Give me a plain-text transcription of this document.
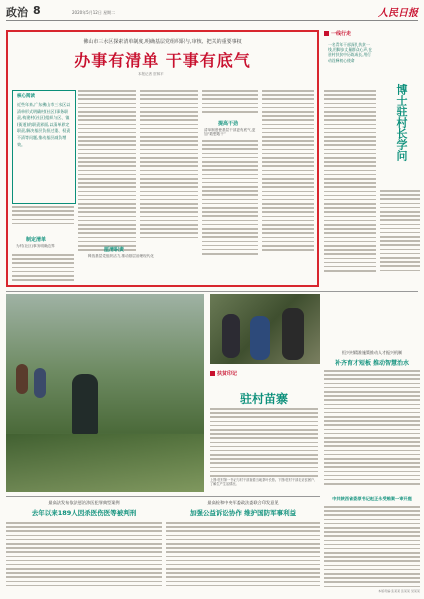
政治 8	2020年5月12日 星期二	人民日报
佛山市三水区探索清单制度,明确基层党组织职与,审核、把关的重要事权
办事有清单 干事有底气
本报记者 贺林平
核心阅读
近些年来,广东佛山市三水区以清单形式明确村(社区)事务职责,构建村(社区)组织与区、镇(街道)的职责界面,以清单界定职责,解决基层负担过重、权责不清等问题,推动基层减负增效。
制定清单
为村(社区)事务明确边界
厘清职责
释放基层党组织活力,推动基层治理现代化
提高干劲
清单制度使基层干部更有底气,更加“敢想敢干”
一线行走
一名青年干部深扎扶贫一线,用脚步丈量群众心声,在驻村扶贫中历练成长,用行动诠释初心使命
博士驻村长学问
扶贫印记
驻村苗寨
上图:驻村第一书记与村干部查看当地茶叶长势。下图:驻村干部走访贫困户,了解生产生活情况。
恒兴村精准施策推动人才振兴机制
补齐育才短板 推动智慧治水
中共陕西省委原书记赵正永受贿案一审开庭
最高法发布依法惩治涉医犯罪典型案例
去年以来189人因杀医伤医等被判刑
最高检和中央军委政法委联合印发意见
加强公益诉讼协作 维护国防军事利益
本版责编:张某某 张某某 吴某某
